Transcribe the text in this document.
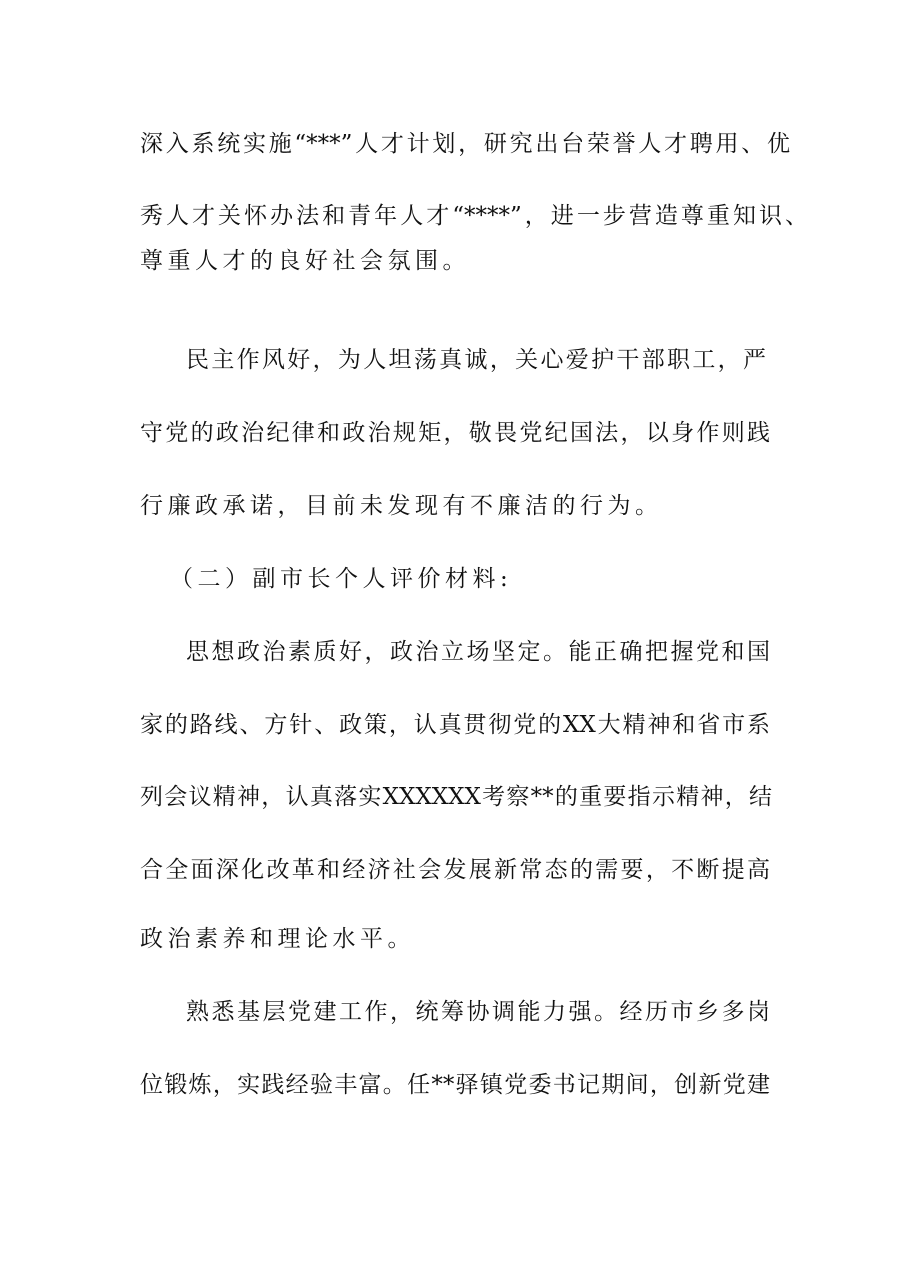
深入系统实施“***”人才计划，研究出台荣誉人才聘用、优
秀人才关怀办法和青年人才“****”，进一步营造尊重知识、
尊重人才的良好社会氛围。
民主作风好，为人坦荡真诚，关心爱护干部职工，严
守党的政治纪律和政治规矩，敬畏党纪国法，以身作则践
行廉政承诺，目前未发现有不廉洁的行为。
（二）副市长个人评价材料:
思想政治素质好，政治立场坚定。能正确把握党和国
家的路线、方针、政策，认真贯彻党的XX大精神和省市系
列会议精神，认真落实XXXXXX考察**的重要指示精神，结
合全面深化改革和经济社会发展新常态的需要，不断提高
政治素养和理论水平。
熟悉基层党建工作，统筹协调能力强。经历市乡多岗
位锻炼，实践经验丰富。任**驿镇党委书记期间，创新党建
